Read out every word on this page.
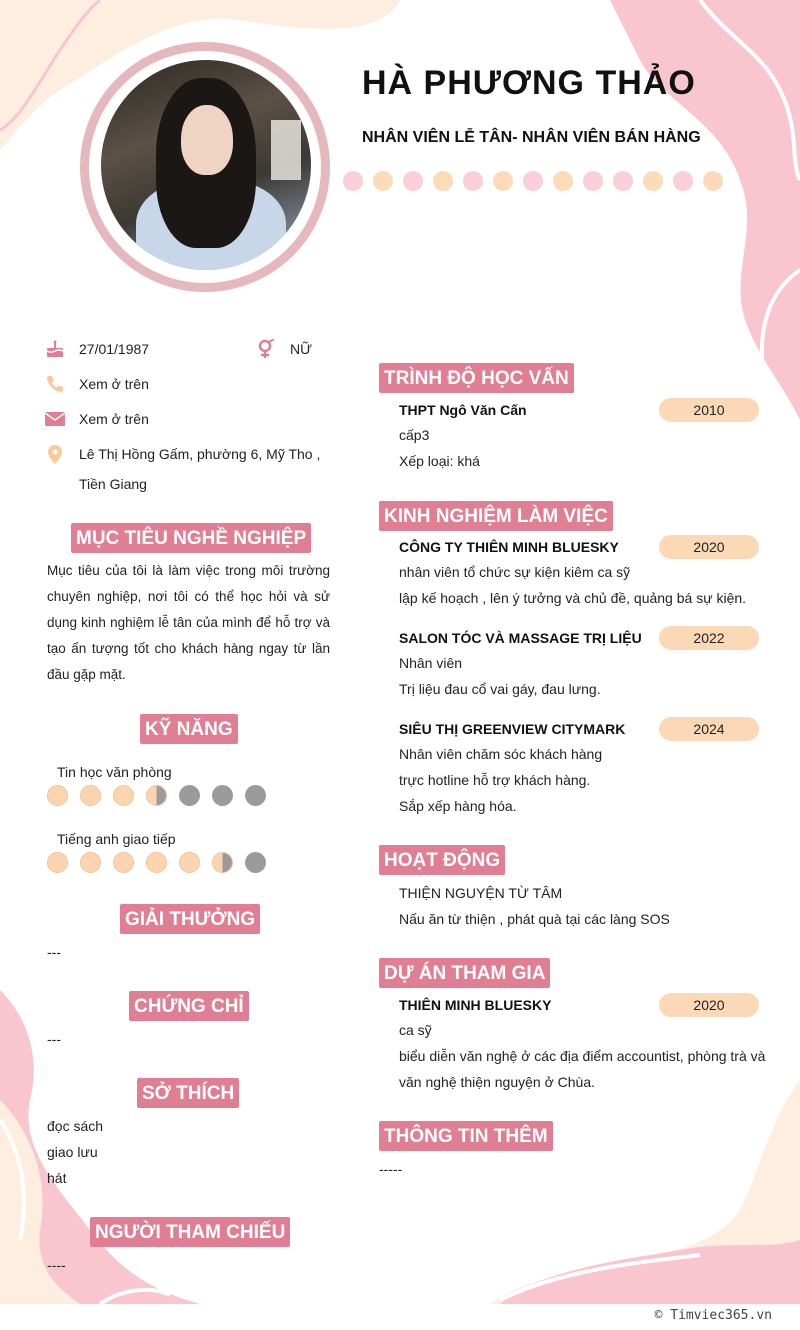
HÀ PHƯƠNG THẢO
NHÂN VIÊN LỄ TÂN- NHÂN VIÊN BÁN HÀNG
27/01/1987	NỮ
Xem ở trên
Xem ở trên
Lê Thị Hồng Gấm, phường 6, Mỹ Tho ,
Tiền Giang
MỤC TIÊU NGHỀ NGHIỆP
Mục tiêu của tôi là làm việc trong môi trường chuyên nghiệp, nơi tôi có thể học hỏi và sử dụng kinh nghiệm lễ tân của mình để hỗ trợ và tạo ấn tượng tốt cho khách hàng ngay từ lần đầu gặp mặt.
KỸ NĂNG
Tin học văn phòng
Tiếng anh giao tiếp
GIẢI THƯỞNG
---
CHỨNG CHỈ
---
SỞ THÍCH
đọc sách
giao lưu
hát
NGƯỜI THAM CHIẾU
----
TRÌNH ĐỘ HỌC VẤN
THPT Ngô Văn Cấn	2010
cấp3
Xếp loại: khá
KINH NGHIỆM LÀM VIỆC
CÔNG TY THIÊN MINH BLUESKY	2020
nhân viên tổ chức sự kiện kiêm ca sỹ
lập kế hoạch , lên ý tưởng và chủ đề, quảng bá sự kiện.
SALON TÓC VÀ MASSAGE TRỊ LIỆU	2022
Nhân viên
Trị liệu đau cổ vai gáy, đau lưng.
SIÊU THỊ GREENVIEW CITYMARK	2024
Nhân viên chăm sóc khách hàng
trực hotline hỗ trợ khách hàng.
Sắp xếp hàng hóa.
HOẠT ĐỘNG
THIỆN NGUYỆN TỪ TÂM
Nấu ăn từ thiện , phát quà tại các làng SOS
DỰ ÁN THAM GIA
THIÊN MINH BLUESKY	2020
ca sỹ
biểu diễn văn nghệ ở các địa điểm accountist, phòng trà và
văn nghệ thiện nguyện ở Chùa.
THÔNG TIN THÊM
-----
© Timviec365.vn
